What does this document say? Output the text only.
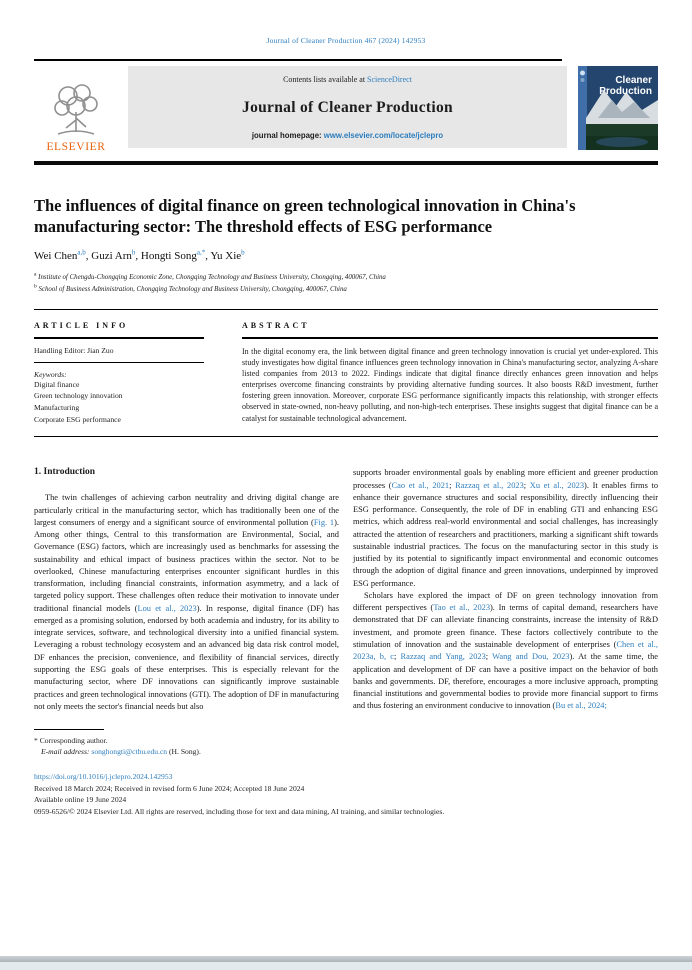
Journal of Cleaner Production 467 (2024) 142953
ELSEVIER
Contents lists available at ScienceDirect
Journal of Cleaner Production
journal homepage: www.elsevier.com/locate/jclepro
Cleaner
Production
The influences of digital finance on green technological innovation in China's manufacturing sector: The threshold effects of ESG performance
Wei Chen$^{a,b}$, Guzi Arn$^b$, Hongti Song$^{a,*}$, Yu Xie$^b$
$^a$ Institute of Chengdu-Chongqing Economic Zone, Chongqing Technology and Business University, Chongqing, 400067, China
$^b$ School of Business Administration, Chongqing Technology and Business University, Chongqing, 400067, China
ARTICLE INFO
Handling Editor: Jian Zuo
Keywords:
Digital finance
Green technology innovation
Manufacturing
Corporate ESG performance
ABSTRACT
In the digital economy era, the link between digital finance and green technology innovation is crucial yet under-explored. This study investigates how digital finance influences green technology innovation in China's manufacturing sector, analyzing A-share listed companies from 2013 to 2022. Findings indicate that digital finance directly enhances green innovation and helps enterprises overcome financing constraints by providing alternative funding sources. It also boosts R&D investment, further fostering green innovation. Moreover, corporate ESG performance significantly impacts this relationship, with stronger effects observed in state-owned, non-heavy polluting, and non-high-tech enterprises. These insights suggest that digital finance can be a catalyst for sustainable technological advancement.
1. Introduction

The twin challenges of achieving carbon neutrality and driving digital change are particularly critical in the manufacturing sector, which has traditionally been one of the largest consumers of energy and a significant source of environmental pollution (Fig. 1). Among other things, Central to this transformation are Environmental, Social, and Governance (ESG) factors, which are increasingly used as benchmarks for assessing the sustainability and ethical impact of business practices within the sector. Not to be overlooked, Chinese manufacturing enterprises encounter significant hurdles in this transformation, including financial constraints, information asymmetry, and a lack of targeted policy support. These challenges often reduce their motivation to innovate under traditional financial models (Lou et al., 2023). In response, digital finance (DF) has emerged as a promising solution, endorsed by both academia and industry, for its ability to integrate services, software, and technological diversity into a unified financial system. Leveraging a robust technology ecosystem and an advanced big data risk control model, DF enhances the precision, convenience, and flexibility of financial services, directly supporting the ESG goals of these enterprises. This is especially relevant for the manufacturing sector, where DF innovations can significantly improve sustainable practices and green technological innovations (GTI). The adoption of DF in manufacturing not only meets the sector's financial needs but also

supports broader environmental goals by enabling more efficient and greener production processes (Cao et al., 2021; Razzaq et al., 2023; Xu et al., 2023). It enables firms to enhance their governance structures and social responsibility, directly influencing their ESG performance. Consequently, the role of DF in enabling GTI and enhancing ESG metrics, which address real-world environmental and social challenges, has increasingly attracted the attention of researchers and practitioners, marking a significant shift towards sustainable industrial practices. The focus on the manufacturing sector in this study is justified by its potential to significantly impact environmental and economic outcomes through the adoption of digital finance and green innovations, underpinned by improved ESG performance.

Scholars have explored the impact of DF on green technology innovation from different perspectives (Tao et al., 2023). In terms of capital demand, researchers have demonstrated that DF can alleviate financing constraints, increase the intensity of R&D investment, and promote green finance. These factors collectively contribute to the stimulation of innovation and the sustainable development of enterprises (Chen et al., 2023a, b, c; Razzaq and Yang, 2023; Wang and Dou, 2023). At the same time, the application and development of DF can have a positive impact on the behavior of both banks and governments. DF, therefore, encourages a more inclusive approach, prompting financial institutions and governmental bodies to provide more financial support to firms and thus fostering an environment conducive to innovation (Bu et al., 2024;

* Corresponding author.
E-mail address: songhongti@ctbu.edu.cn (H. Song).
https://doi.org/10.1016/j.jclepro.2024.142953
Received 18 March 2024; Received in revised form 6 June 2024; Accepted 18 June 2024
Available online 19 June 2024
0959-6526/© 2024 Elsevier Ltd. All rights are reserved, including those for text and data mining, AI training, and similar technologies.
